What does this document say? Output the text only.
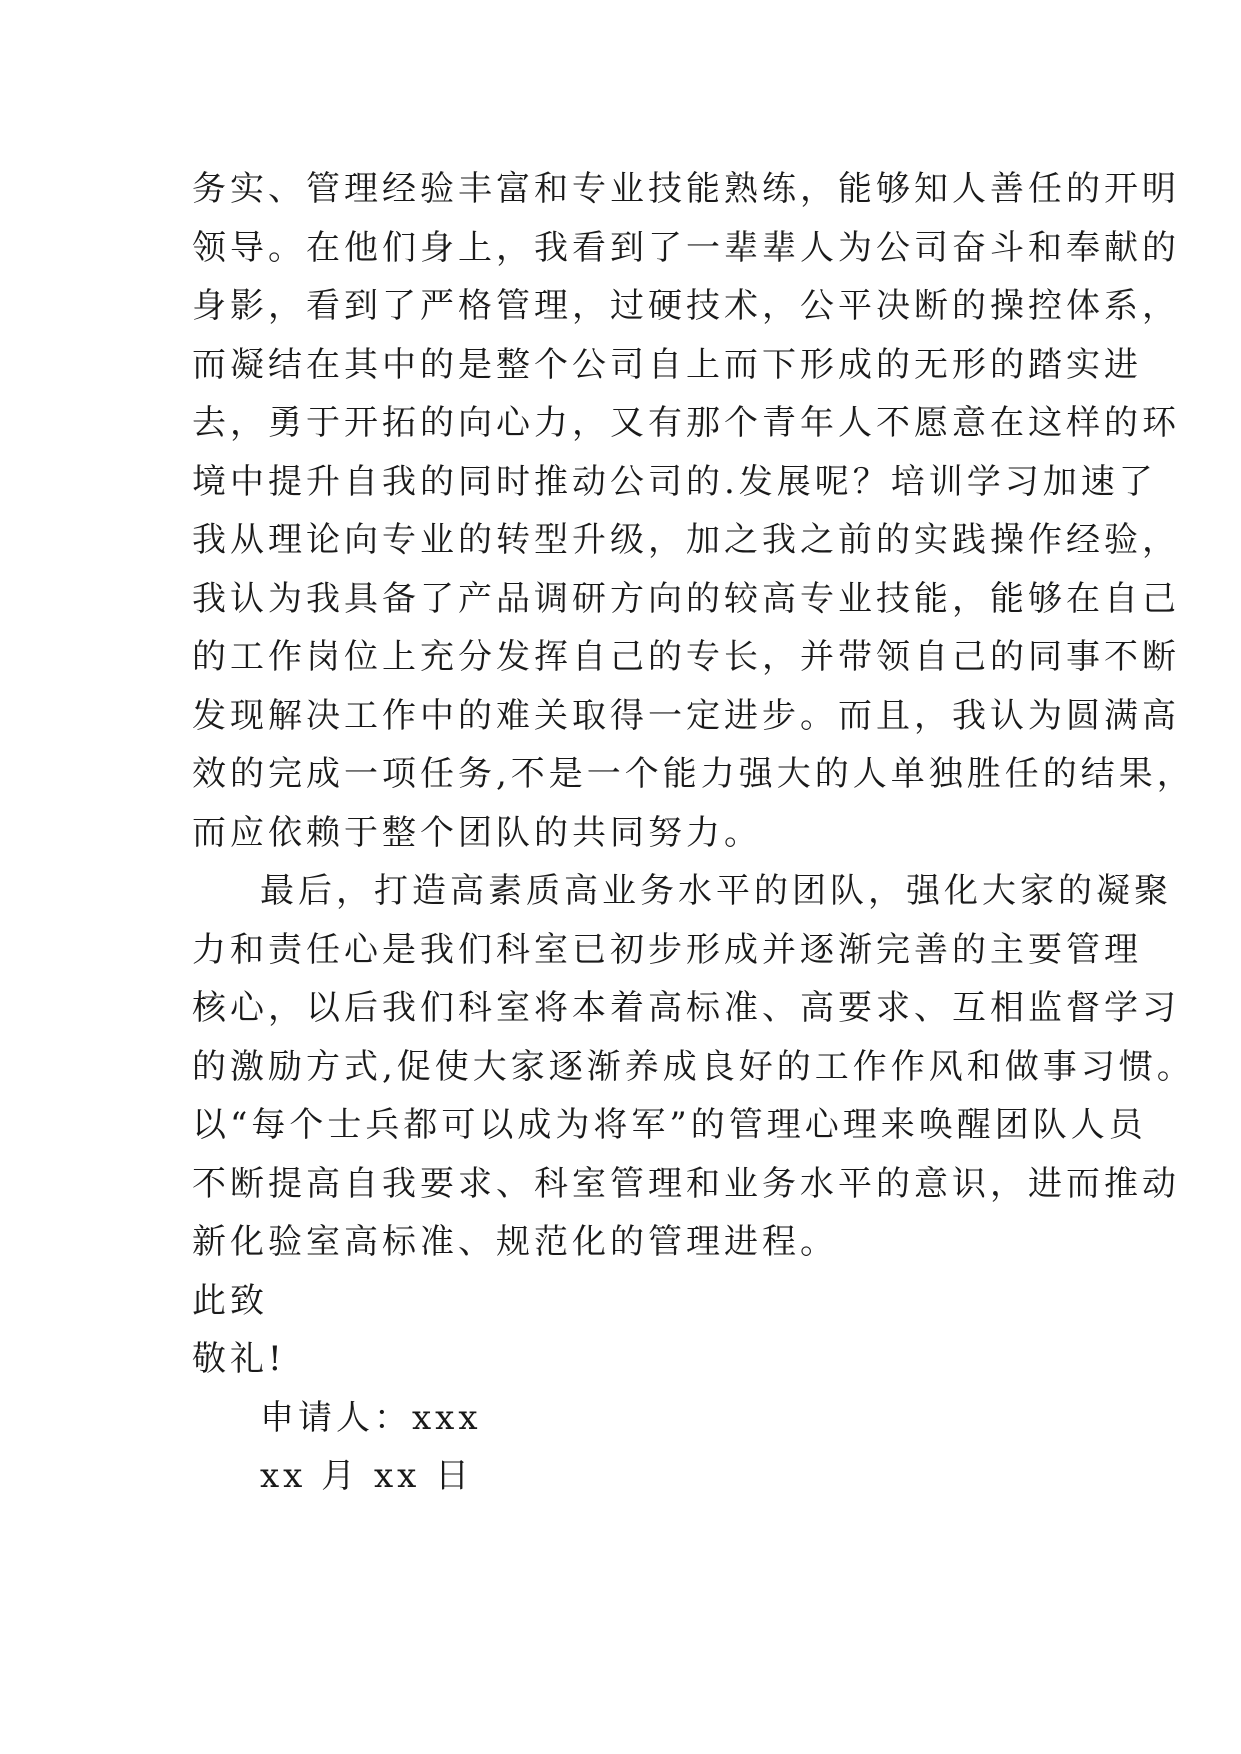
务实、管理经验丰富和专业技能熟练，能够知人善任的开明
领导。在他们身上，我看到了一辈辈人为公司奋斗和奉献的
身影，看到了严格管理，过硬技术，公平决断的操控体系，
而凝结在其中的是整个公司自上而下形成的无形的踏实进
去，勇于开拓的向心力，又有那个青年人不愿意在这样的环
境中提升自我的同时推动公司的.发展呢？培训学习加速了
我从理论向专业的转型升级，加之我之前的实践操作经验，
我认为我具备了产品调研方向的较高专业技能，能够在自己
的工作岗位上充分发挥自己的专长，并带领自己的同事不断
发现解决工作中的难关取得一定进步。而且，我认为圆满高
效的完成一项任务,不是一个能力强大的人单独胜任的结果，
而应依赖于整个团队的共同努力。
最后，打造高素质高业务水平的团队，强化大家的凝聚
力和责任心是我们科室已初步形成并逐渐完善的主要管理
核心，以后我们科室将本着高标准、高要求、互相监督学习
的激励方式,促使大家逐渐养成良好的工作作风和做事习惯。
以“每个士兵都可以成为将军”的管理心理来唤醒团队人员
不断提高自我要求、科室管理和业务水平的意识，进而推动
新化验室高标准、规范化的管理进程。
此致
敬礼!
申请人：xxx
xx 月 xx 日
